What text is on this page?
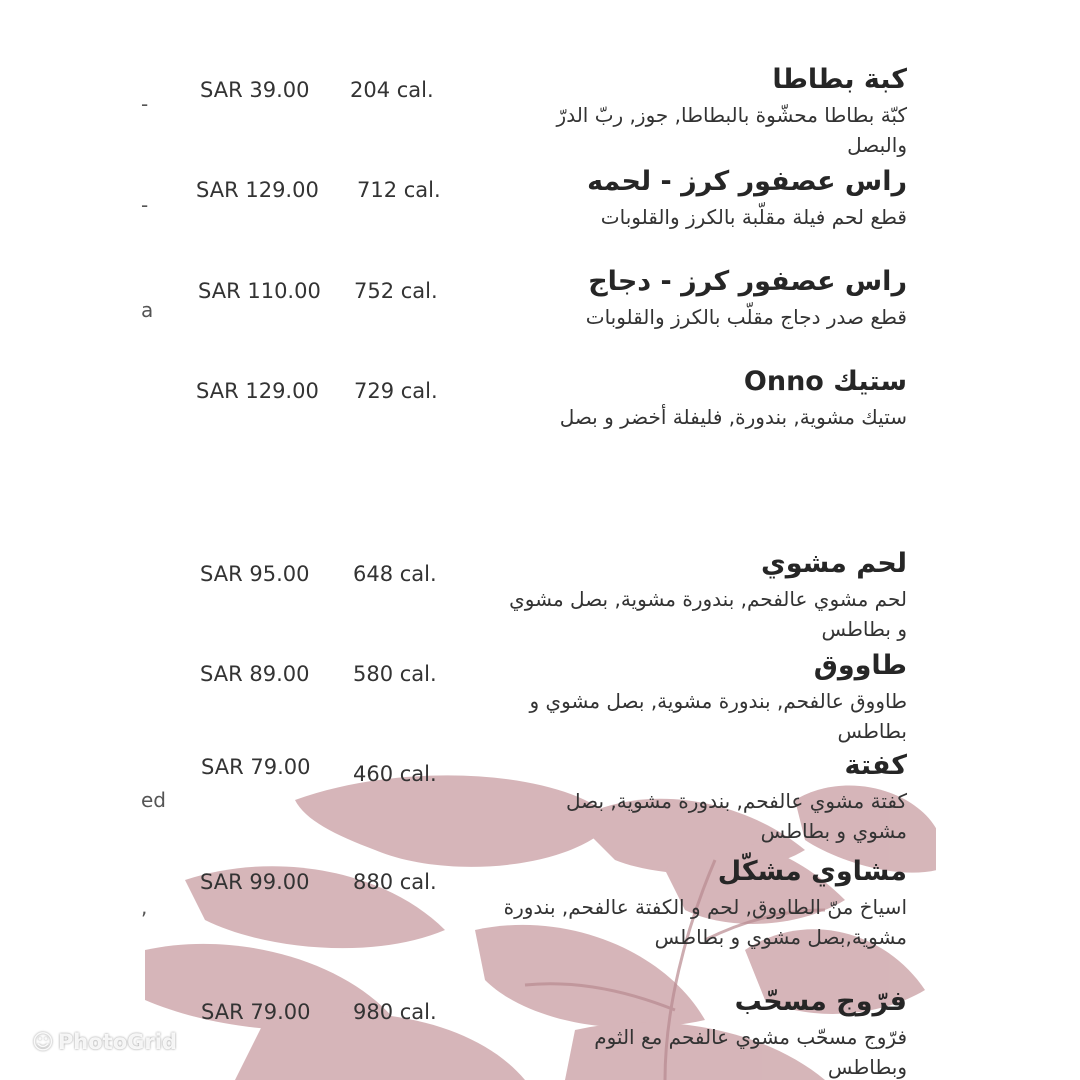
-
-
a
ed
,
كبة بطاطا
كبّة بطاطا محشّوة بالبطاطا, جوز, ربّ الدرّ والبصل
204 cal.
SAR 39.00
راس عصفور كرز - لحمه
قطع لحم فيلة مقلّبة بالكرز والقلوبات
712 cal.
SAR 129.00
راس عصفور كرز - دجاج
قطع صدر دجاج مقلّب بالكرز والقلوبات
752 cal.
SAR 110.00
ستيك Onno
ستيك مشوية, بندورة, فليفلة أخضر و بصل
729 cal.
SAR 129.00
لحم مشوي
لحم مشوي عالفحم, بندورة مشوية, بصل مشوي و بطاطس
648 cal.
SAR 95.00
طاووق
طاووق عالفحم, بندورة مشوية, بصل مشوي و بطاطس
580 cal.
SAR 89.00
كفتة
كفتة مشوي عالفحم, بندورة مشوية, بصل مشوي و بطاطس
460 cal.
SAR 79.00
مشاوي مشكّل
اسياخ منّ الطاووق, لحم و الكفتة عالفحم, بندورة مشوية,بصل مشوي و بطاطس
880 cal.
SAR 99.00
فرّوج مسحّب
فرّوج مسحّب مشوي عالفحم مع الثوم وبطاطس
980 cal.
SAR 79.00
☺ PhotoGrid
